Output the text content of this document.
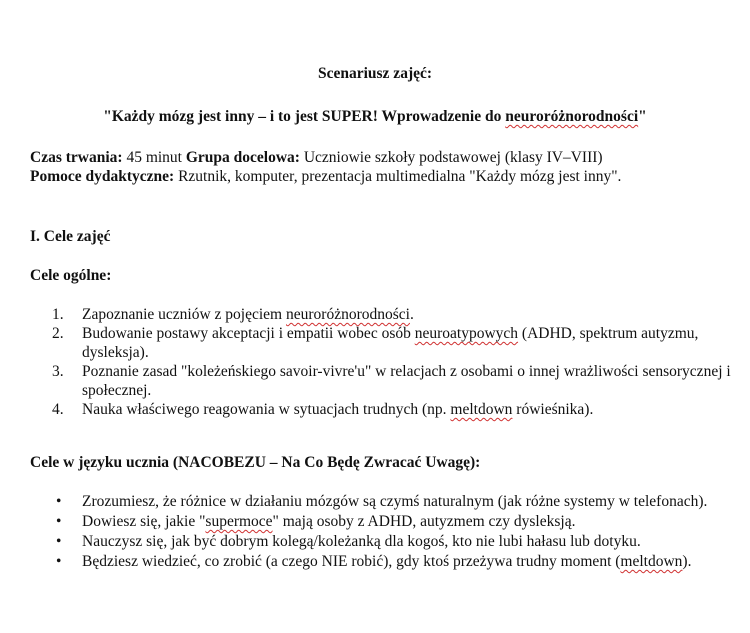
Scenariusz zajęć:
"Każdy mózg jest inny – i to jest SUPER! Wprowadzenie do neuroróżnorodności"
Czas trwania: 45 minut Grupa docelowa: Uczniowie szkoły podstawowej (klasy IV–VIII)
Pomoce dydaktyczne: Rzutnik, komputer, prezentacja multimedialna "Każdy mózg jest inny".
I. Cele zajęć
Cele ogólne:
1. Zapoznanie uczniów z pojęciem neuroróżnorodności.
2. Budowanie postawy akceptacji i empatii wobec osób neuroatypowych (ADHD, spektrum autyzmu, dysleksja).
3. Poznanie zasad "koleżeńskiego savoir-vivre'u" w relacjach z osobami o innej wrażliwości sensorycznej i społecznej.
4. Nauka właściwego reagowania w sytuacjach trudnych (np. meltdown rówieśnika).
Cele w języku ucznia (NACOBEZU – Na Co Będę Zwracać Uwagę):
• Zrozumiesz, że różnice w działaniu mózgów są czymś naturalnym (jak różne systemy w telefonach).
• Dowiesz się, jakie "supermoce" mają osoby z ADHD, autyzmem czy dysleksją.
• Nauczysz się, jak być dobrym kolegą/koleżanką dla kogoś, kto nie lubi hałasu lub dotyku.
• Będziesz wiedzieć, co zrobić (a czego NIE robić), gdy ktoś przeżywa trudny moment (meltdown).
